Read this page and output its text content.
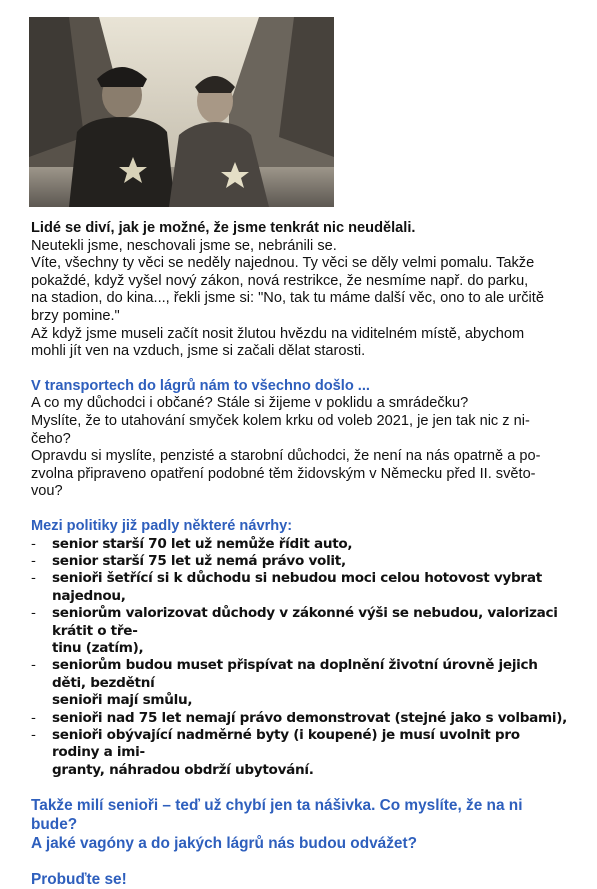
Lidé se diví, jak je možné, že jsme tenkrát nic neudělali.

Neutekli jsme, neschovali jsme se, nebránili se.

Víte, všechny ty věci se neděly najednou. Ty věci se děly velmi pomalu. Takže

pokaždé, když vyšel nový zákon, nová restrikce, že nesmíme např. do parku,

na stadion, do kina..., řekli jsme si: "No, tak tu máme další věc, ono to ale určitě

brzy pomine."

Až když jsme museli začít nosit žlutou hvězdu na viditelném místě, abychom

mohli jít ven na vzduch, jsme si začali dělat starosti.

V transportech do lágrů nám to všechno došlo ...

A co my důchodci i občané? Stále si žijeme v poklidu a smrádečku?

Myslíte, že to utahování smyček kolem krku od voleb 2021, je jen tak nic z ni-

čeho?

Opravdu si myslíte, penzisté a starobní důchodci, že není na nás opatrně a po-

zvolna připraveno opatření podobné těm židovským v Německu před II. světo-

vou?

Mezi politiky již padly některé návrhy:

- senior starší 70 let už nemůže řídit auto,
- senior starší 75 let už nemá právo volit,
- senioři šetřící si k důchodu si nebudou moci celou hotovost vybrat najednou,
- seniorům valorizovat důchody v zákonné výši se nebudou, valorizaci krátit o tře-
tinu (zatím),
- seniorům budou muset přispívat na doplnění životní úrovně jejich děti, bezdětní
senioři mají smůlu,
- senioři nad 75 let nemají právo demonstrovat (stejné jako s volbami),
- senioři obývající nadměrné byty (i koupené) je musí uvolnit pro rodiny a imi-
granty, náhradou obdrží ubytování.

Takže milí senioři – teď už chybí jen ta nášivka. Co myslíte, že na ni bude?

A jaké vagóny a do jakých lágrů nás budou odvážet?

Probuďte se!
